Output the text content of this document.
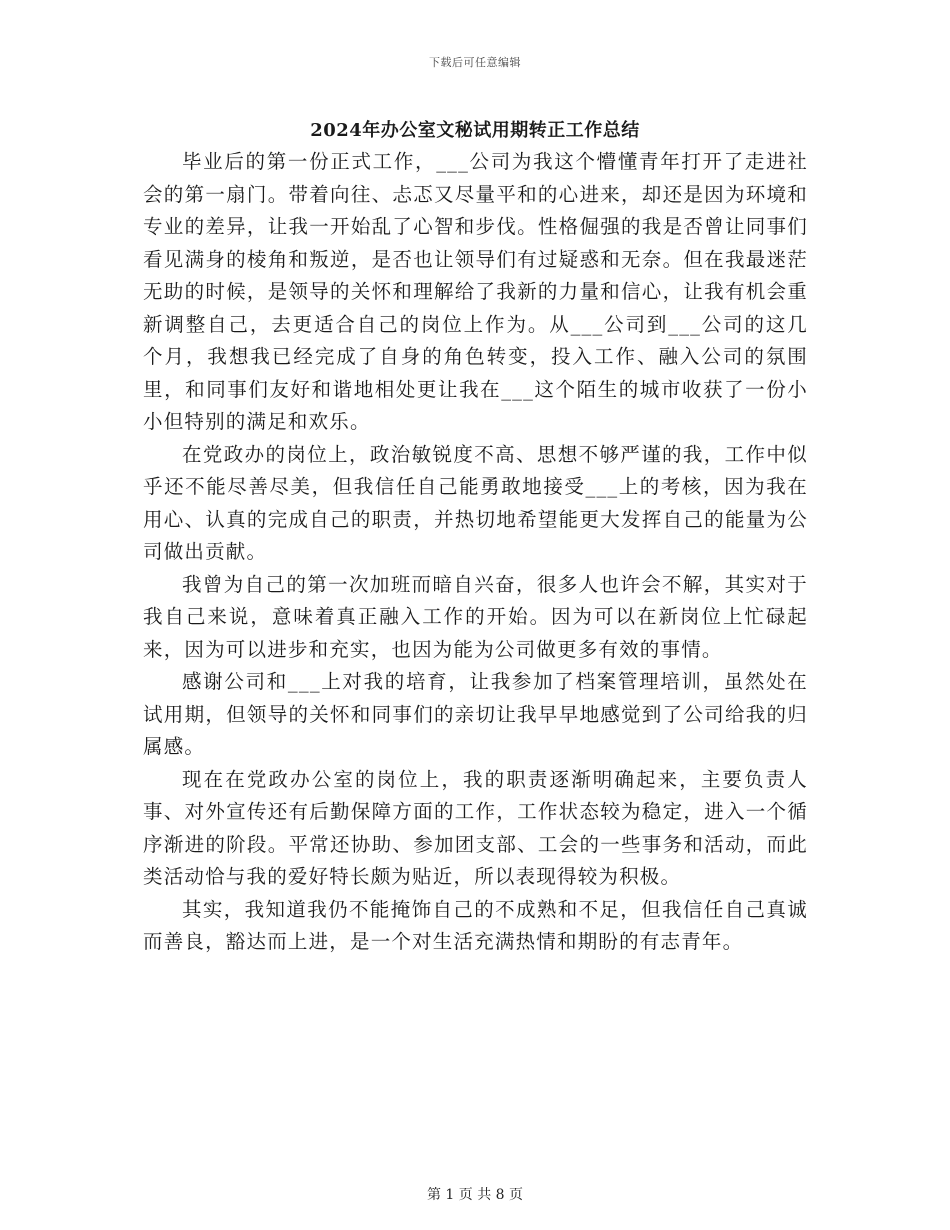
下载后可任意编辑
2024年办公室文秘试用期转正工作总结

毕业后的第一份正式工作，___公司为我这个懵懂青年打开了走进社会的第一扇门。带着向往、忐忑又尽量平和的心进来，却还是因为环境和专业的差异，让我一开始乱了心智和步伐。性格倔强的我是否曾让同事们看见满身的棱角和叛逆，是否也让领导们有过疑惑和无奈。但在我最迷茫无助的时候，是领导的关怀和理解给了我新的力量和信心，让我有机会重新调整自己，去更适合自己的岗位上作为。从___公司到___公司的这几个月，我想我已经完成了自身的角色转变，投入工作、融入公司的氛围里，和同事们友好和谐地相处更让我在___这个陌生的城市收获了一份小小但特别的满足和欢乐。

在党政办的岗位上，政治敏锐度不高、思想不够严谨的我，工作中似乎还不能尽善尽美，但我信任自己能勇敢地接受___上的考核，因为我在用心、认真的完成自己的职责，并热切地希望能更大发挥自己的能量为公司做出贡献。

我曾为自己的第一次加班而暗自兴奋，很多人也许会不解，其实对于我自己来说，意味着真正融入工作的开始。因为可以在新岗位上忙碌起来，因为可以进步和充实，也因为能为公司做更多有效的事情。

感谢公司和___上对我的培育，让我参加了档案管理培训，虽然处在试用期，但领导的关怀和同事们的亲切让我早早地感觉到了公司给我的归属感。

现在在党政办公室的岗位上，我的职责逐渐明确起来，主要负责人事、对外宣传还有后勤保障方面的工作，工作状态较为稳定，进入一个循序渐进的阶段。平常还协助、参加团支部、工会的一些事务和活动，而此类活动恰与我的爱好特长颇为贴近，所以表现得较为积极。

其实，我知道我仍不能掩饰自己的不成熟和不足，但我信任自己真诚而善良，豁达而上进，是一个对生活充满热情和期盼的有志青年。

第 1 页 共 8 页
